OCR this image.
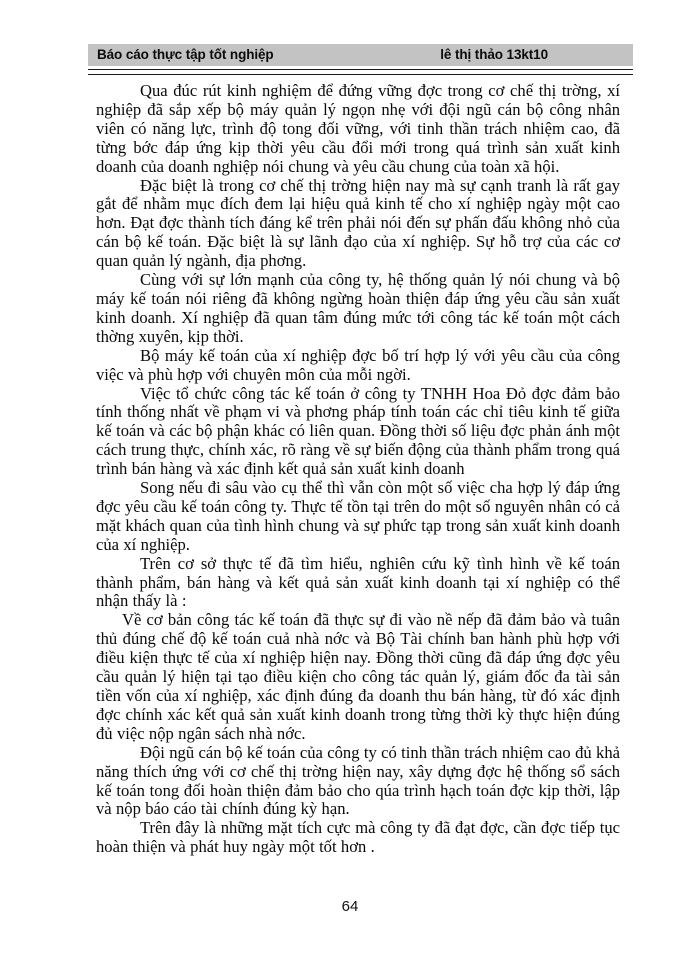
Báo cáo thực tập tốt nghiệp	lê thị thảo 13kt10

Qua đúc rút kinh nghiệm để đứng vững đợc trong cơ chế thị trờng, xí nghiệp đã sắp xếp bộ máy quản lý ngọn nhẹ với đội ngũ cán bộ công nhân viên có năng lực, trình độ tong đối vững, với tinh thần trách nhiệm cao, đã từng bớc đáp ứng kịp thời yêu cầu đổi mới trong quá trình sản xuất kinh doanh của doanh nghiệp nói chung và yêu cầu chung của toàn xã hội.

Đặc biệt là trong cơ chế thị trờng hiện nay mà sự cạnh tranh là rất gay gắt để nhằm mục đích đem lại hiệu quả kinh tế cho xí nghiệp ngày một cao hơn. Đạt đợc thành tích đáng kể trên phải nói đến sự phấn đấu không nhỏ của cán bộ kế toán. Đặc biệt là sự lãnh đạo của xí nghiệp. Sự hỗ trợ của các cơ quan quản lý ngành, địa phơng.

Cùng với sự lớn mạnh của công ty, hệ thống quản lý nói chung và bộ máy kế toán nói riêng đã không ngừng hoàn thiện đáp ứng yêu cầu sản xuất kinh doanh. Xí nghiệp đã quan tâm đúng mức tới công tác kế toán một cách thờng xuyên, kịp thời.

Bộ máy kế toán của xí nghiệp đợc bố trí hợp lý với yêu cầu của công việc và phù hợp với chuyên môn của mỗi ngời.

Việc tổ chức công tác kế toán ở công ty TNHH Hoa Đỏ đợc đảm bảo tính thống nhất về phạm vi và phơng pháp tính toán các chỉ tiêu kinh tế giữa kế toán và các bộ phận khác có liên quan. Đồng thời số liệu đợc phản ánh một cách trung thực, chính xác, rõ ràng về sự biến động của thành phẩm trong quá trình bán hàng và xác định kết quả sản xuất kinh doanh

Song nếu đi sâu vào cụ thể thì vẫn còn một số việc cha hợp lý đáp ứng đợc yêu cầu kế toán công ty. Thực tế tồn tại trên do một số nguyên nhân có cả mặt khách quan của tình hình chung và sự phức tạp trong sản xuất kinh doanh của xí nghiệp.

Trên cơ sở thực tế đã tìm hiểu, nghiên cứu kỹ tình hình về kế toán thành phẩm, bán hàng và kết quả sản xuất kinh doanh tại xí nghiệp có thể nhận thấy là :

Về cơ bản công tác kế toán đã thực sự đi vào nề nếp đã đảm bảo và tuân thủ đúng chế độ kế toán cuả nhà nớc và Bộ Tài chính ban hành phù hợp với điều kiện thực tế của xí nghiệp hiện nay. Đồng thời cũng đã đáp ứng đợc yêu cầu quản lý hiện tại tạo điều kiện cho công tác quản lý, giám đốc đa tài sản tiền vốn của xí nghiệp, xác định đúng đa doanh thu bán hàng, từ đó xác định đợc chính xác kết quả sản xuất kinh doanh trong từng thời kỳ thực hiện đúng đủ việc nộp ngân sách nhà nớc.

Đội ngũ cán bộ kế toán của công ty có tinh thần trách nhiệm cao đủ khả năng thích ứng với cơ chế thị trờng hiện nay, xây dựng đợc hệ thống sổ sách kế toán tong đối hoàn thiện đảm bảo cho qúa trình hạch toán đợc kịp thời, lập và nộp báo cáo tài chính đúng kỳ hạn.

Trên đây là những mặt tích cực mà công ty đã đạt đợc, cần đợc tiếp tục hoàn thiện và phát huy ngày một tốt hơn .

64
